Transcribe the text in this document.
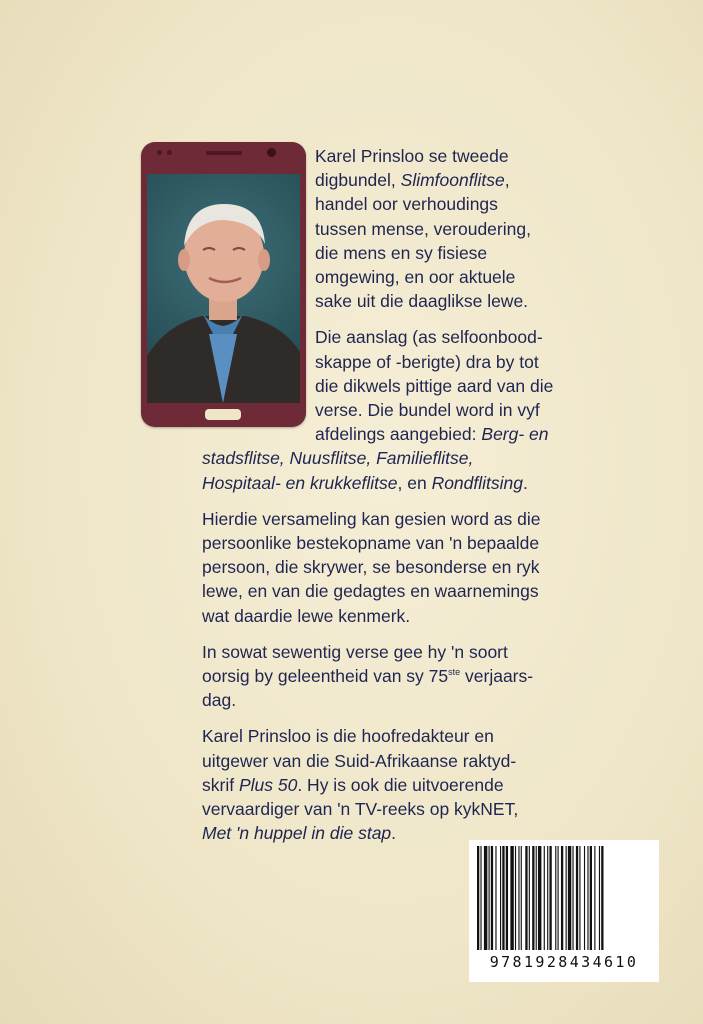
Karel Prinsloo se tweede
digbundel, Slimfoonflitse,
handel oor verhoudings
tussen mense, veroudering,
die mens en sy fisiese
omgewing, en oor aktuele
sake uit die daaglikse lewe.

Die aanslag (as selfoonbood-
skappe of -berigte) dra by tot
die dikwels pittige aard van die
verse. Die bundel word in vyf
afdelings aangebied: Berg- en
stadsflitse, Nuusflitse, Familieflitse,
Hospitaal- en krukkeflitse, en Rondflitsing.

Hierdie versameling kan gesien word as die
persoonlike bestekopname van 'n bepaalde
persoon, die skrywer, se besonderse en ryk
lewe, en van die gedagtes en waarnemings
wat daardie lewe kenmerk.

In sowat sewentig verse gee hy 'n soort
oorsig by geleentheid van sy 75ste verjaars-
dag.

Karel Prinsloo is die hoofredakteur en
uitgewer van die Suid-Afrikaanse raktyd-
skrif Plus 50. Hy is ook die uitvoerende
vervaardiger van 'n TV-reeks op kykNET,
Met 'n huppel in die stap.

9781928434610
